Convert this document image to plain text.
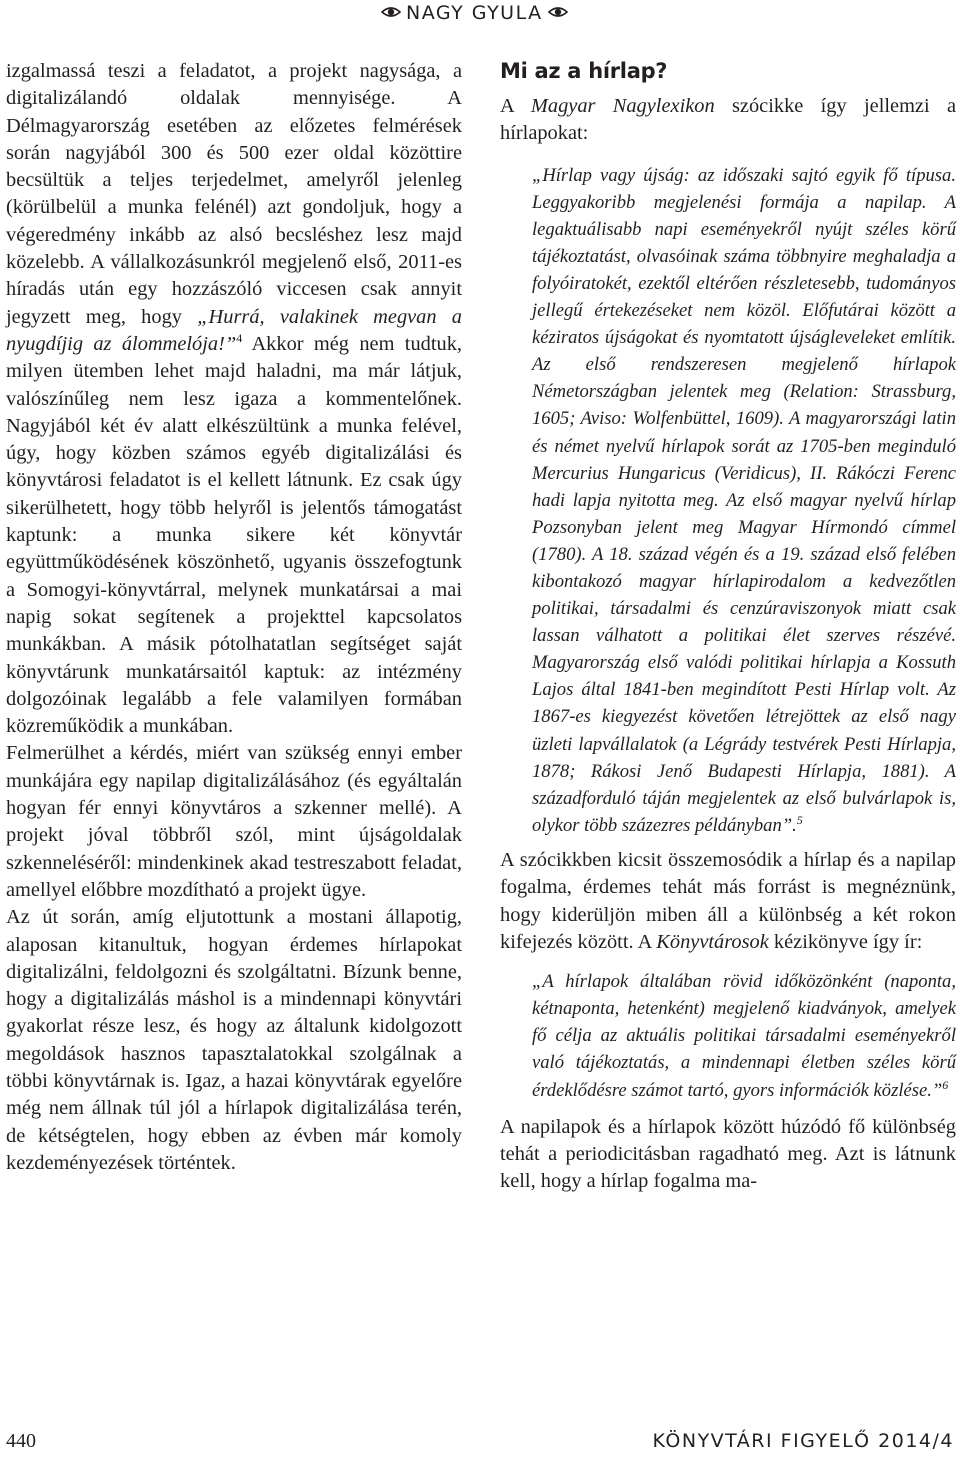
NAGY GYULA

izgalmassá teszi a feladatot, a projekt nagysága, a digitalizálandó oldalak mennyisége. A Délmagyarország esetében az előzetes felmérések során nagyjából 300 és 500 ezer oldal közöttire becsültük a teljes terjedelmet, amelyről jelenleg (körülbelül a munka felénél) azt gondoljuk, hogy a végeredmény inkább az alsó becsléshez lesz majd közelebb. A vállalkozásunkról megjelenő első, 2011-es híradás után egy hozzászóló viccesen csak annyit jegyzett meg, hogy „Hurrá, valakinek megvan a nyugdíjig az álommelója!”$^4$ Akkor még nem tudtuk, milyen ütemben lehet majd haladni, ma már látjuk, valószínűleg nem lesz igaza a kommentelőnek. Nagyjából két év alatt elkészültünk a munka felével, úgy, hogy közben számos egyéb digitalizálási és könyvtárosi feladatot is el kellett látnunk. Ez csak úgy sikerülhetett, hogy több helyről is jelentős támogatást kaptunk: a munka sikere két könyvtár együttműködésének köszönhető, ugyanis összefogtunk a Somogyi-könyvtárral, melynek munkatársai a mai napig sokat segítenek a projekttel kapcsolatos munkákban. A másik pótolhatatlan segítséget saját könyvtárunk munkatársaitól kaptuk: az intézmény dolgozóinak legalább a fele valamilyen formában közreműködik a munkában.

Felmerülhet a kérdés, miért van szükség ennyi ember munkájára egy napilap digitalizálásához (és egyáltalán hogyan fér ennyi könyvtáros a szkenner mellé). A projekt jóval többről szól, mint újságoldalak szkenneléséről: mindenkinek akad testreszabott feladat, amellyel előbbre mozdítható a projekt ügye.

Az út során, amíg eljutottunk a mostani állapotig, alaposan kitanultuk, hogyan érdemes hírlapokat digitalizálni, feldolgozni és szolgáltatni. Bízunk benne, hogy a digitalizálás máshol is a mindennapi könyvtári gyakorlat része lesz, és hogy az általunk kidolgozott megoldások hasznos tapasztalatokkal szolgálnak a többi könyvtárnak is. Igaz, a hazai könyvtárak egyelőre még nem állnak túl jól a hírlapok digitalizálása terén, de kétségtelen, hogy ebben az évben már komoly kezdeményezések történtek.

Mi az a hírlap?

A Magyar Nagylexikon szócikke így jellemzi a hírlapokat:

„Hírlap vagy újság: az időszaki sajtó egyik fő típusa. Leggyakoribb megjelenési formája a napilap. A legaktuálisabb napi eseményekről nyújt széles körű tájékoztatást, olvasóinak száma többnyire meghaladja a folyóiratokét, ezektől eltérően részletesebb, tudományos jellegű értekezéseket nem közöl. Előfutárai között a kéziratos újságokat és nyomtatott újságleveleket említik. Az első rendszeresen megjelenő hírlapok Németországban jelentek meg (Relation: Strassburg, 1605; Aviso: Wolfenbüttel, 1609). A magyarországi latin és német nyelvű hírlapok sorát az 1705-ben meginduló Mercurius Hungaricus (Veridicus), II. Rákóczi Ferenc hadi lapja nyitotta meg. Az első magyar nyelvű hírlap Pozsonyban jelent meg Magyar Hírmondó címmel (1780). A 18. század végén és a 19. század első felében kibontakozó magyar hírlapirodalom a kedvezőtlen politikai, társadalmi és cenzúraviszonyok miatt csak lassan válhatott a politikai élet szerves részévé. Magyarország első valódi politikai hírlapja a Kossuth Lajos által 1841-ben megindított Pesti Hírlap volt. Az 1867-es kiegyezést követően létrejöttek az első nagy üzleti lapvállalatok (a Légrády testvérek Pesti Hírlapja, 1878; Rákosi Jenő Budapesti Hírlapja, 1881). A századforduló táján megjelentek az első bulvárlapok is, olykor több százezres példányban”.$^5$

A szócikkben kicsit összemosódik a hírlap és a napilap fogalma, érdemes tehát más forrást is megnéznünk, hogy kiderüljön miben áll a különbség a két rokon kifejezés között. A Könyvtárosok kézikönyve így ír:

„A hírlapok általában rövid időközönként (naponta, kétnaponta, hetenként) megjelenő kiadványok, amelyek fő célja az aktuális politikai társadalmi eseményekről való tájékoztatás, a mindennapi életben széles körű érdeklődésre számot tartó, gyors információk közlése.”$^6$

A napilapok és a hírlapok között húzódó fő különbség tehát a periodicitásban ragadható meg. Azt is látnunk kell, hogy a hírlap fogalma ma-

440	KÖNYVTÁRI FIGYELŐ 2014/4
